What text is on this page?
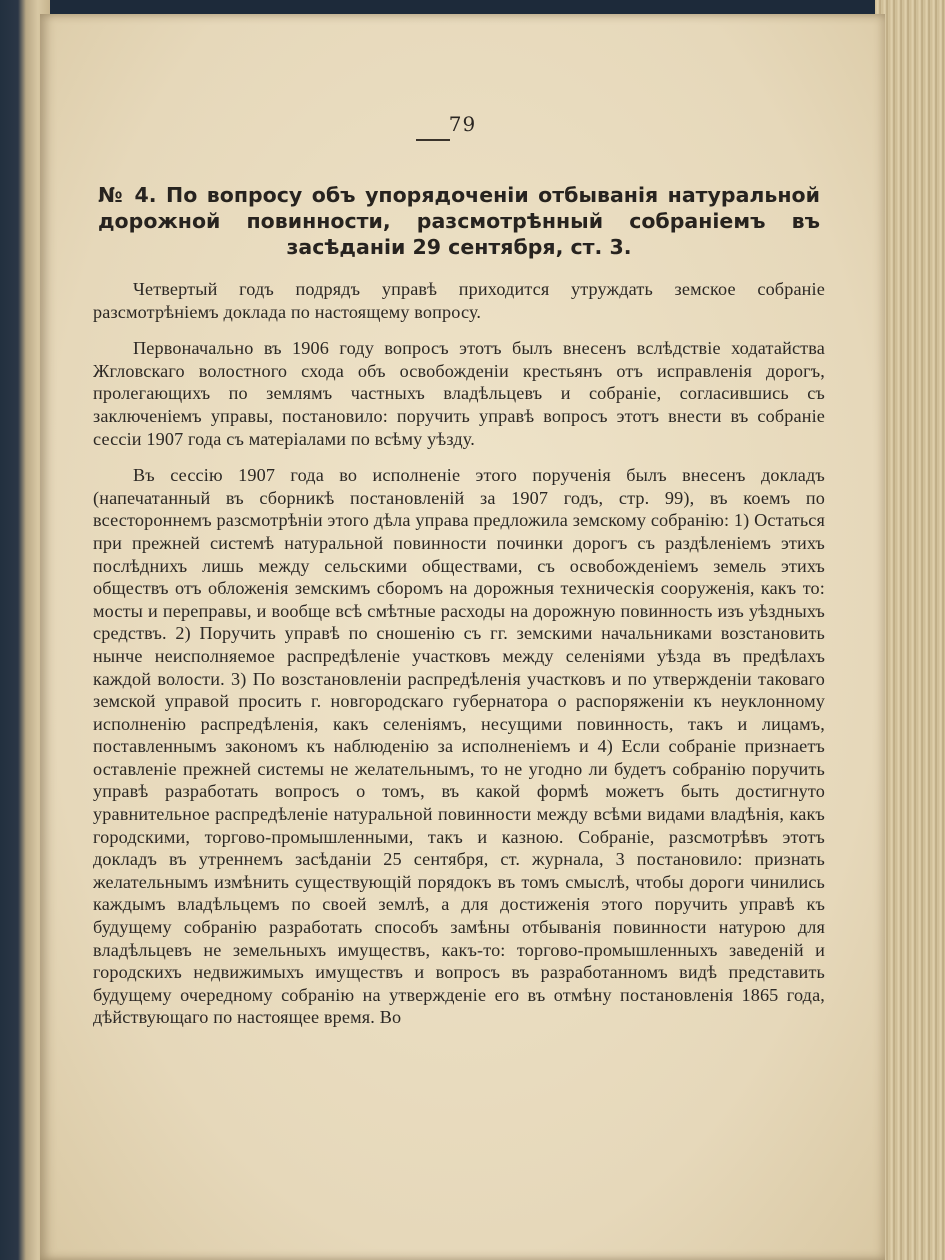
79
№ 4. По вопросу объ упорядоченіи отбыванія натуральной дорожной повинности, разсмотрѣнный собраніемъ въ засѣданіи 29 сентября, ст. 3.

Четвертый годъ подрядъ управѣ приходится утруждать земское собраніе разсмотрѣніемъ доклада по настоящему вопросу.

Первоначально въ 1906 году вопросъ этотъ былъ внесенъ вслѣдствіе ходатайства Жгловскаго волостного схода объ освобожденіи крестьянъ отъ исправленія дорогъ, пролегающихъ по землямъ частныхъ владѣльцевъ и собраніе, согласившись съ заключеніемъ управы, постановило: поручить управѣ вопросъ этотъ внести въ собраніе сессіи 1907 года съ матеріалами по всѣму уѣзду.

Въ сессію 1907 года во исполненіе этого порученія былъ внесенъ докладъ (напечатанный въ сборникѣ постановленій за 1907 годъ, стр. 99), въ коемъ по всестороннемъ разсмотрѣніи этого дѣла управа предложила земскому собранію: 1) Остаться при прежней системѣ натуральной повинности починки дорогъ съ раздѣленіемъ этихъ послѣднихъ лишь между сельскими обществами, съ освобожденіемъ земель этихъ обществъ отъ обложенія земскимъ сборомъ на дорожныя техническія сооруженія, какъ то: мосты и переправы, и вообще всѣ смѣтные расходы на дорожную повинность изъ уѣздныхъ средствъ. 2) Поручить управѣ по сношенію съ гг. земскими начальниками возстановить нынче неисполняемое распредѣленіе участковъ между селеніями уѣзда въ предѣлахъ каждой волости. 3) По возстановленіи распредѣленія участковъ и по утвержденіи таковаго земской управой просить г. новгородскаго губернатора о распоряженіи къ неуклонному исполненію распредѣленія, какъ селеніямъ, несущими повинность, такъ и лицамъ, поставленнымъ закономъ къ наблюденію за исполненіемъ и 4) Если собраніе признаетъ оставленіе прежней системы не желательнымъ, то не угодно ли будетъ собранію поручить управѣ разработать вопросъ о томъ, въ какой формѣ можетъ быть достигнуто уравнительное распредѣленіе натуральной повинности между всѣми видами владѣнія, какъ городскими, торгово-промышленными, такъ и казною. Собраніе, разсмотрѣвъ этотъ докладъ въ утреннемъ засѣданіи 25 сентября, ст. журнала, 3 постановило: признать желательнымъ измѣнить существующій порядокъ въ томъ смыслѣ, чтобы дороги чинились каждымъ владѣльцемъ по своей землѣ, а для достиженія этого поручить управѣ къ будущему собранію разработать способъ замѣны отбыванія повинности натурою для владѣльцевъ не земельныхъ имуществъ, какъ-то: торгово-промышленныхъ заведеній и городскихъ недвижимыхъ имуществъ и вопросъ въ разработанномъ видѣ представить будущему очередному собранію на утвержденіе его въ отмѣну постановленія 1865 года, дѣйствующаго по настоящее время. Во
